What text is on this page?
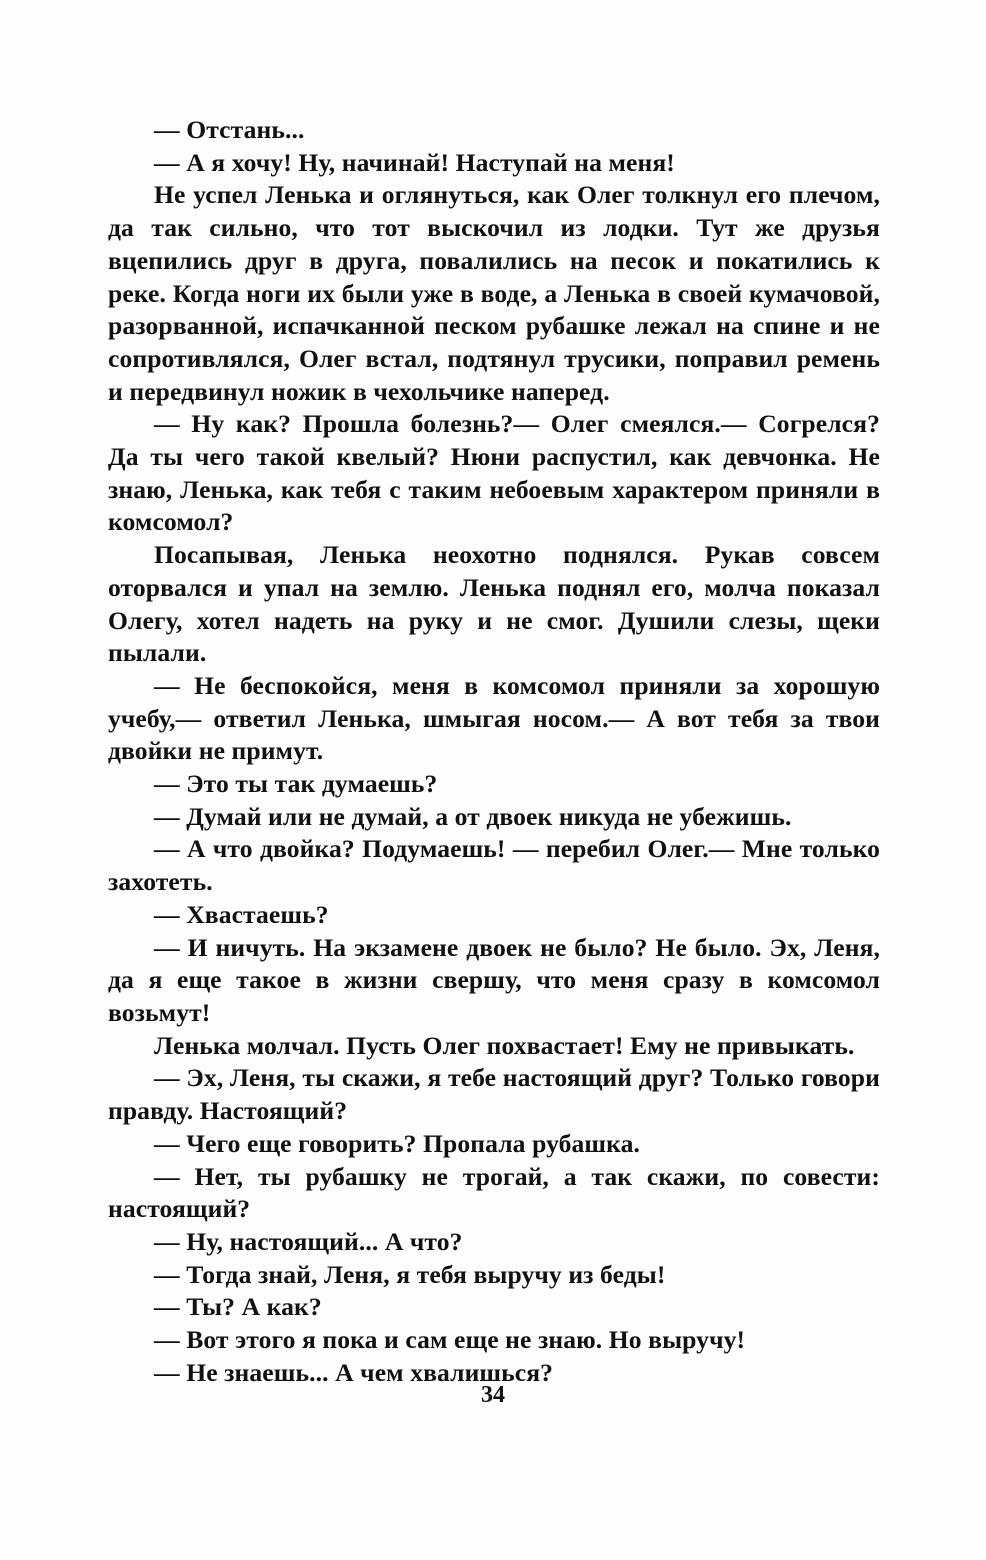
— Отстань...

— А я хочу! Ну, начинай! Наступай на меня!

Не успел Ленька и оглянуться, как Олег толкнул его плечом, да так сильно, что тот выскочил из лодки. Тут же друзья вцепились друг в друга, повалились на песок и покатились к реке. Когда ноги их были уже в воде, а Ленька в своей кумачовой, разорванной, испачканной песком рубашке лежал на спине и не сопротивлялся, Олег встал, подтянул трусики, поправил ремень и передвинул ножик в чехольчике наперед.

— Ну как? Прошла болезнь?— Олег смеялся.— Согрелся? Да ты чего такой квелый? Нюни распустил, как девчонка. Не знаю, Ленька, как тебя с таким небоевым характером приняли в комсомол?

Посапывая, Ленька неохотно поднялся. Рукав совсем оторвался и упал на землю. Ленька поднял его, молча показал Олегу, хотел надеть на руку и не смог. Душили слезы, щеки пылали.

— Не беспокойся, меня в комсомол приняли за хорошую учебу,— ответил Ленька, шмыгая носом.— А вот тебя за твои двойки не примут.

— Это ты так думаешь?

— Думай или не думай, а от двоек никуда не убежишь.

— А что двойка? Подумаешь! — перебил Олег.— Мне только захотеть.

— Хвастаешь?

— И ничуть. На экзамене двоек не было? Не было. Эх, Леня, да я еще такое в жизни свершу, что меня сразу в комсомол возьмут!

Ленька молчал. Пусть Олег похвастает! Ему не привыкать.

— Эх, Леня, ты скажи, я тебе настоящий друг? Только говори правду. Настоящий?

— Чего еще говорить? Пропала рубашка.

— Нет, ты рубашку не трогай, а так скажи, по совести: настоящий?

— Ну, настоящий... А что?

— Тогда знай, Леня, я тебя выручу из беды!

— Ты? А как?

— Вот этого я пока и сам еще не знаю. Но выручу!

— Не знаешь... А чем хвалишься?

34
